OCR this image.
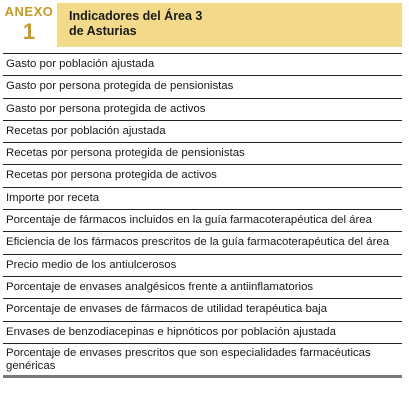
ANEXO
1
Indicadores del Área 3
de Asturias
Gasto por población ajustada
Gasto por persona protegida de pensionistas
Gasto por persona protegida de activos
Recetas por población ajustada
Recetas por persona protegida de pensionistas
Recetas por persona protegida de activos
Importe por receta
Porcentaje de fármacos incluidos en la guía farmacoterapéutica del área
Eficiencia de los fármacos prescritos de la guía farmacoterapéutica del área
Precio medio de los antiulcerosos
Porcentaje de envases analgésicos frente a antiinflamatorios
Porcentaje de envases de fármacos de utilidad terapéutica baja
Envases de benzodiacepinas e hipnóticos por población ajustada
Porcentaje de envases prescritos que son especialidades farmacéuticas genéricas
